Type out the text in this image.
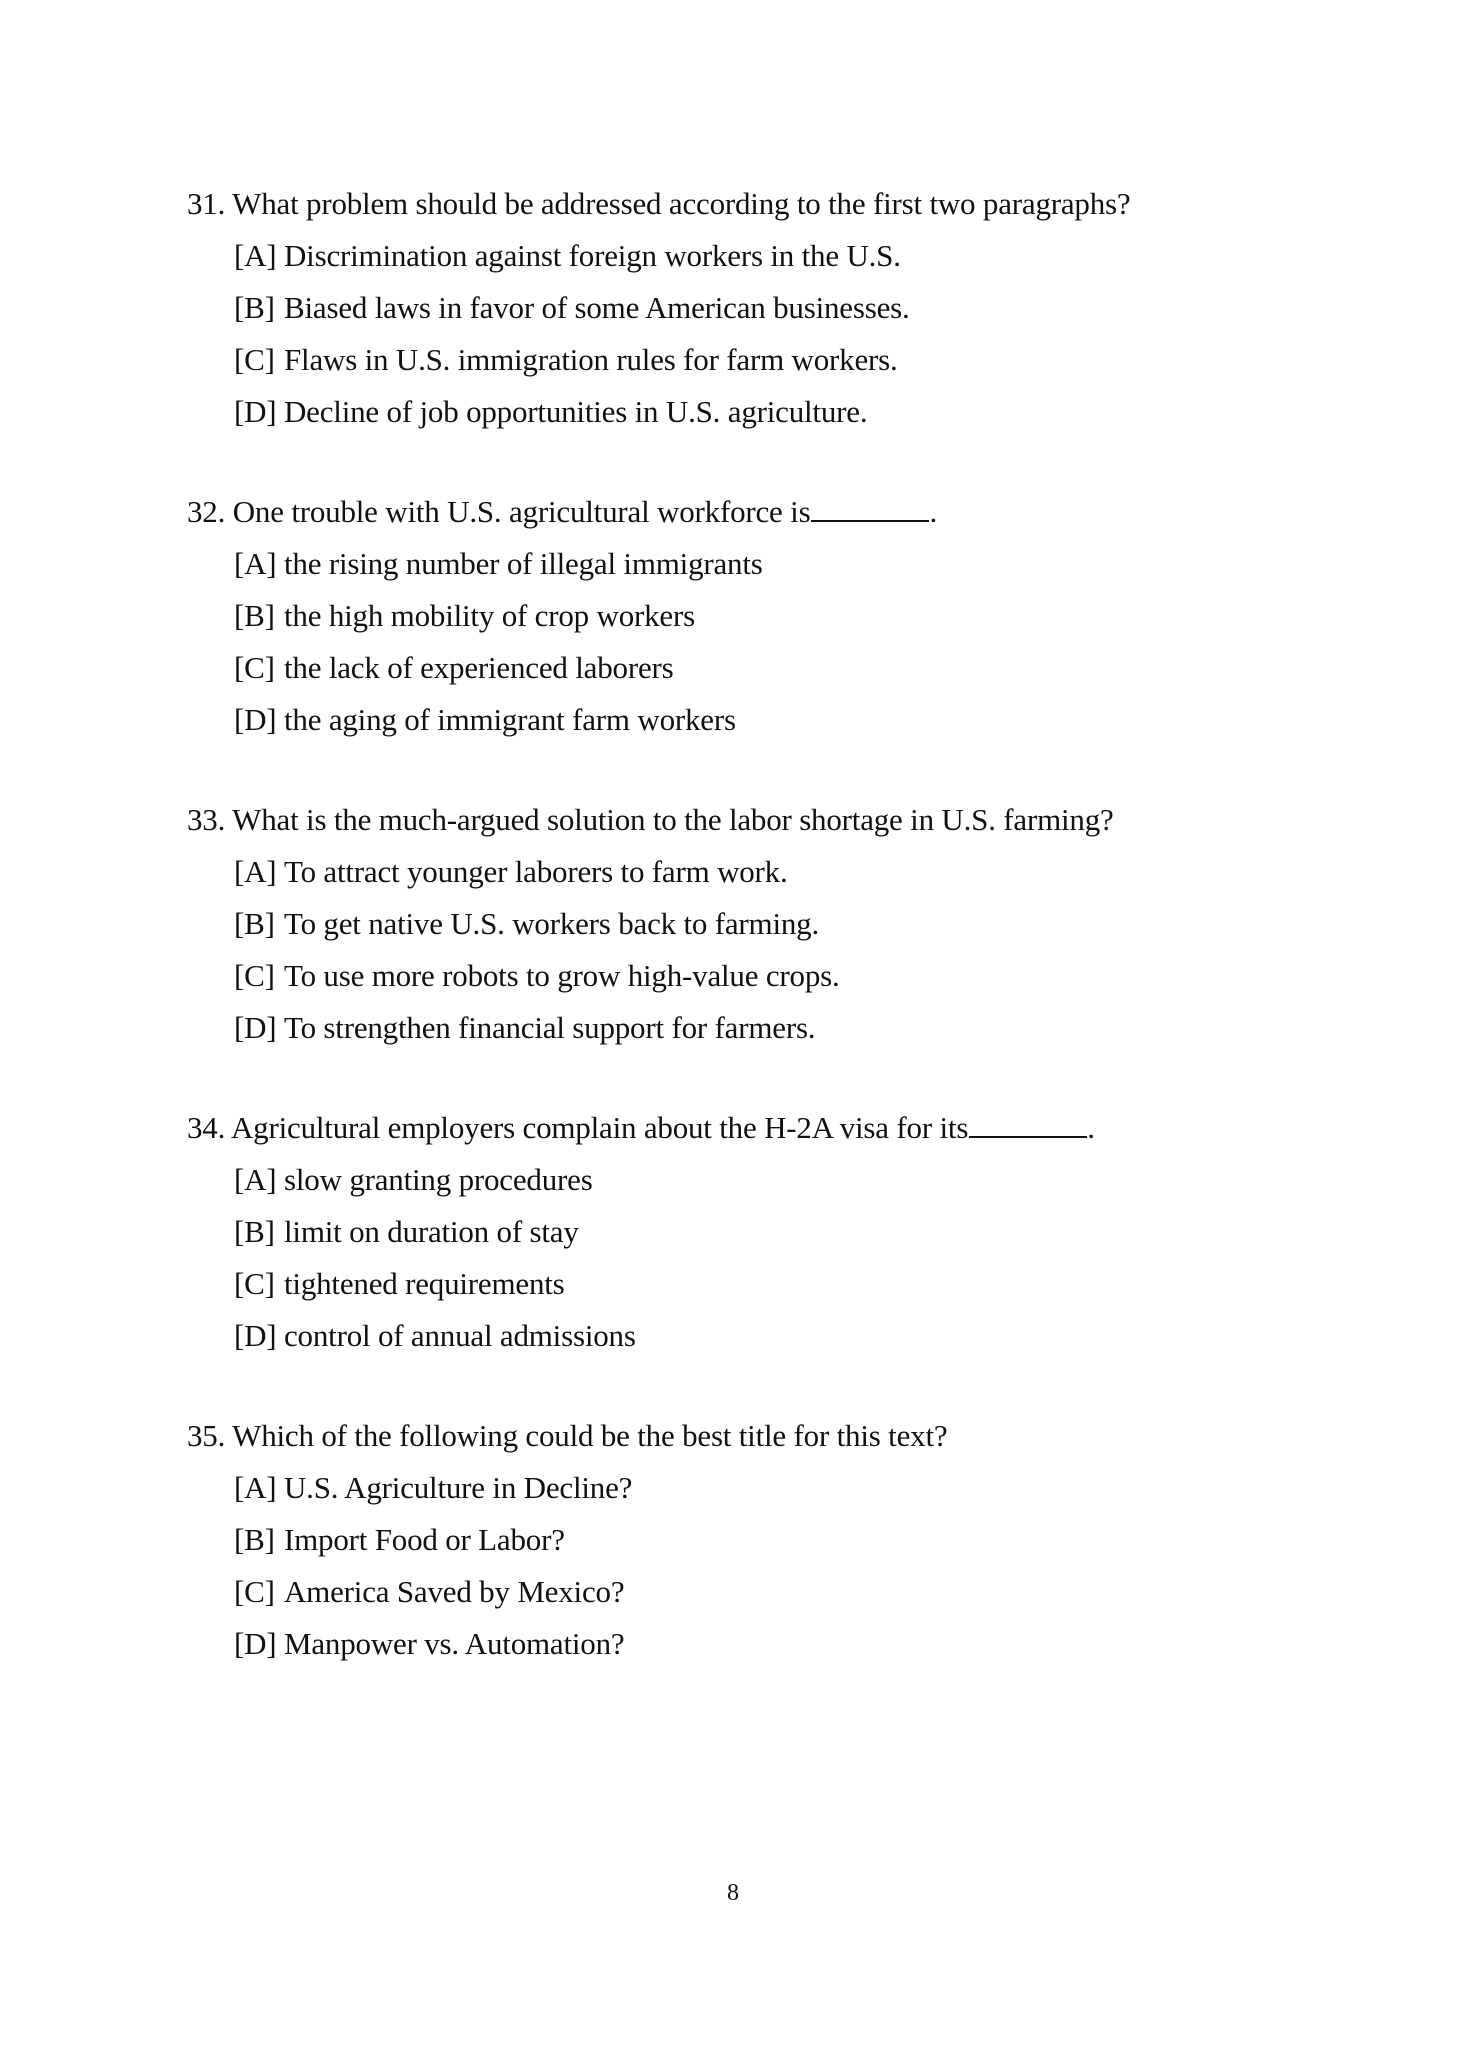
31. What problem should be addressed according to the first two paragraphs?
[A] Discrimination against foreign workers in the U.S.
[B] Biased laws in favor of some American businesses.
[C] Flaws in U.S. immigration rules for farm workers.
[D] Decline of job opportunities in U.S. agriculture.
32. One trouble with U.S. agricultural workforce is	.
[A] the rising number of illegal immigrants
[B] the high mobility of crop workers
[C] the lack of experienced laborers
[D] the aging of immigrant farm workers
33. What is the much-argued solution to the labor shortage in U.S. farming?
[A] To attract younger laborers to farm work.
[B] To get native U.S. workers back to farming.
[C] To use more robots to grow high-value crops.
[D] To strengthen financial support for farmers.
34. Agricultural employers complain about the H-2A visa for its	.
[A] slow granting procedures
[B] limit on duration of stay
[C] tightened requirements
[D] control of annual admissions
35. Which of the following could be the best title for this text?
[A] U.S. Agriculture in Decline?
[B] Import Food or Labor?
[C] America Saved by Mexico?
[D] Manpower vs. Automation?
8
